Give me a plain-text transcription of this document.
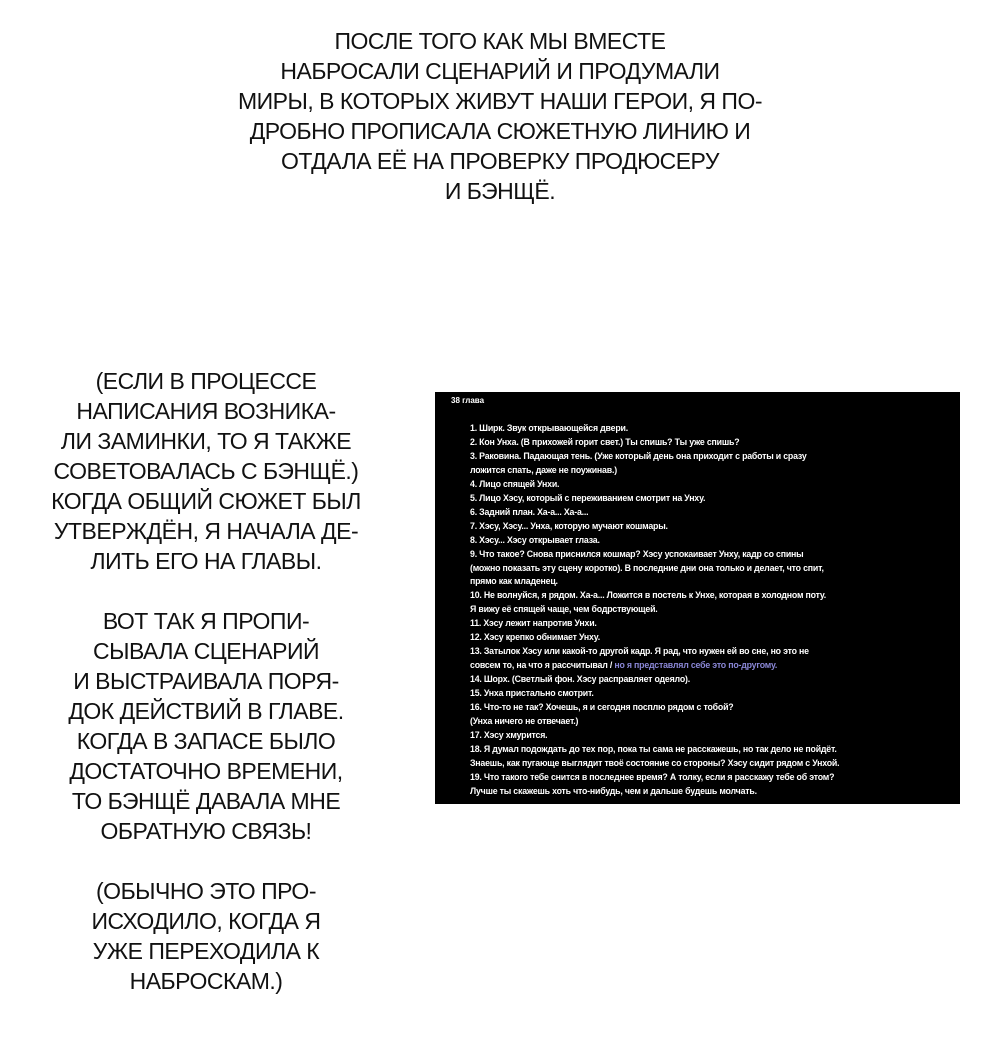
ПОСЛЕ ТОГО КАК МЫ ВМЕСТЕ
НАБРОСАЛИ СЦЕНАРИЙ И ПРОДУМАЛИ
МИРЫ, В КОТОРЫХ ЖИВУТ НАШИ ГЕРОИ, Я ПО-
ДРОБНО ПРОПИСАЛА СЮЖЕТНУЮ ЛИНИЮ И
ОТДАЛА ЕЁ НА ПРОВЕРКУ ПРОДЮСЕРУ
И БЭНЩЁ.
(ЕСЛИ В ПРОЦЕССЕ
НАПИСАНИЯ ВОЗНИКА-
ЛИ ЗАМИНКИ, ТО Я ТАКЖЕ
СОВЕТОВАЛАСЬ С БЭНЩЁ.)
КОГДА ОБЩИЙ СЮЖЕТ БЫЛ
УТВЕРЖДЁН, Я НАЧАЛА ДЕ-
ЛИТЬ ЕГО НА ГЛАВЫ.
ВОТ ТАК Я ПРОПИ-
СЫВАЛА СЦЕНАРИЙ
И ВЫСТРАИВАЛА ПОРЯ-
ДОК ДЕЙСТВИЙ В ГЛАВЕ.
КОГДА В ЗАПАСЕ БЫЛО
ДОСТАТОЧНО ВРЕМЕНИ,
ТО БЭНЩЁ ДАВАЛА МНЕ
ОБРАТНУЮ СВЯЗЬ!
(ОБЫЧНО ЭТО ПРО-
ИСХОДИЛО, КОГДА Я
УЖЕ ПЕРЕХОДИЛА К
НАБРОСКАМ.)
38 глава
1. Ширк. Звук открывающейся двери.
2. Кон Унха. (В прихожей горит свет.) Ты спишь? Ты уже спишь?
3. Раковина. Падающая тень. (Уже который день она приходит с работы и сразу
ложится спать, даже не поужинав.)
4. Лицо спящей Унхи.
5. Лицо Хэсу, который с переживанием смотрит на Унху.
6. Задний план. Ха-а... Ха-а...
7. Хэсу, Хэсу... Унха, которую мучают кошмары.
8. Хэсу... Хэсу открывает глаза.
9. Что такое? Снова приснился кошмар? Хэсу успокаивает Унху, кадр со спины
(можно показать эту сцену коротко). В последние дни она только и делает, что спит,
прямо как младенец.
10. Не волнуйся, я рядом. Ха-а... Ложится в постель к Унхе, которая в холодном поту.
Я вижу её спящей чаще, чем бодрствующей.
11. Хэсу лежит напротив Унхи.
12. Хэсу крепко обнимает Унху.
13. Затылок Хэсу или какой-то другой кадр. Я рад, что нужен ей во сне, но это не
совсем то, на что я рассчитывал / но я представлял себе это по-другому.
14. Шорх. (Светлый фон. Хэсу расправляет одеяло).
15. Унха пристально смотрит.
16. Что-то не так? Хочешь, я и сегодня посплю рядом с тобой?
(Унха ничего не отвечает.)
17. Хэсу хмурится.
18. Я думал подождать до тех пор, пока ты сама не расскажешь, но так дело не пойдёт.
Знаешь, как пугающе выглядит твоё состояние со стороны? Хэсу сидит рядом с Унхой.
19. Что такого тебе снится в последнее время? А толку, если я расскажу тебе об этом?
Лучше ты скажешь хоть что-нибудь, чем и дальше будешь молчать.
